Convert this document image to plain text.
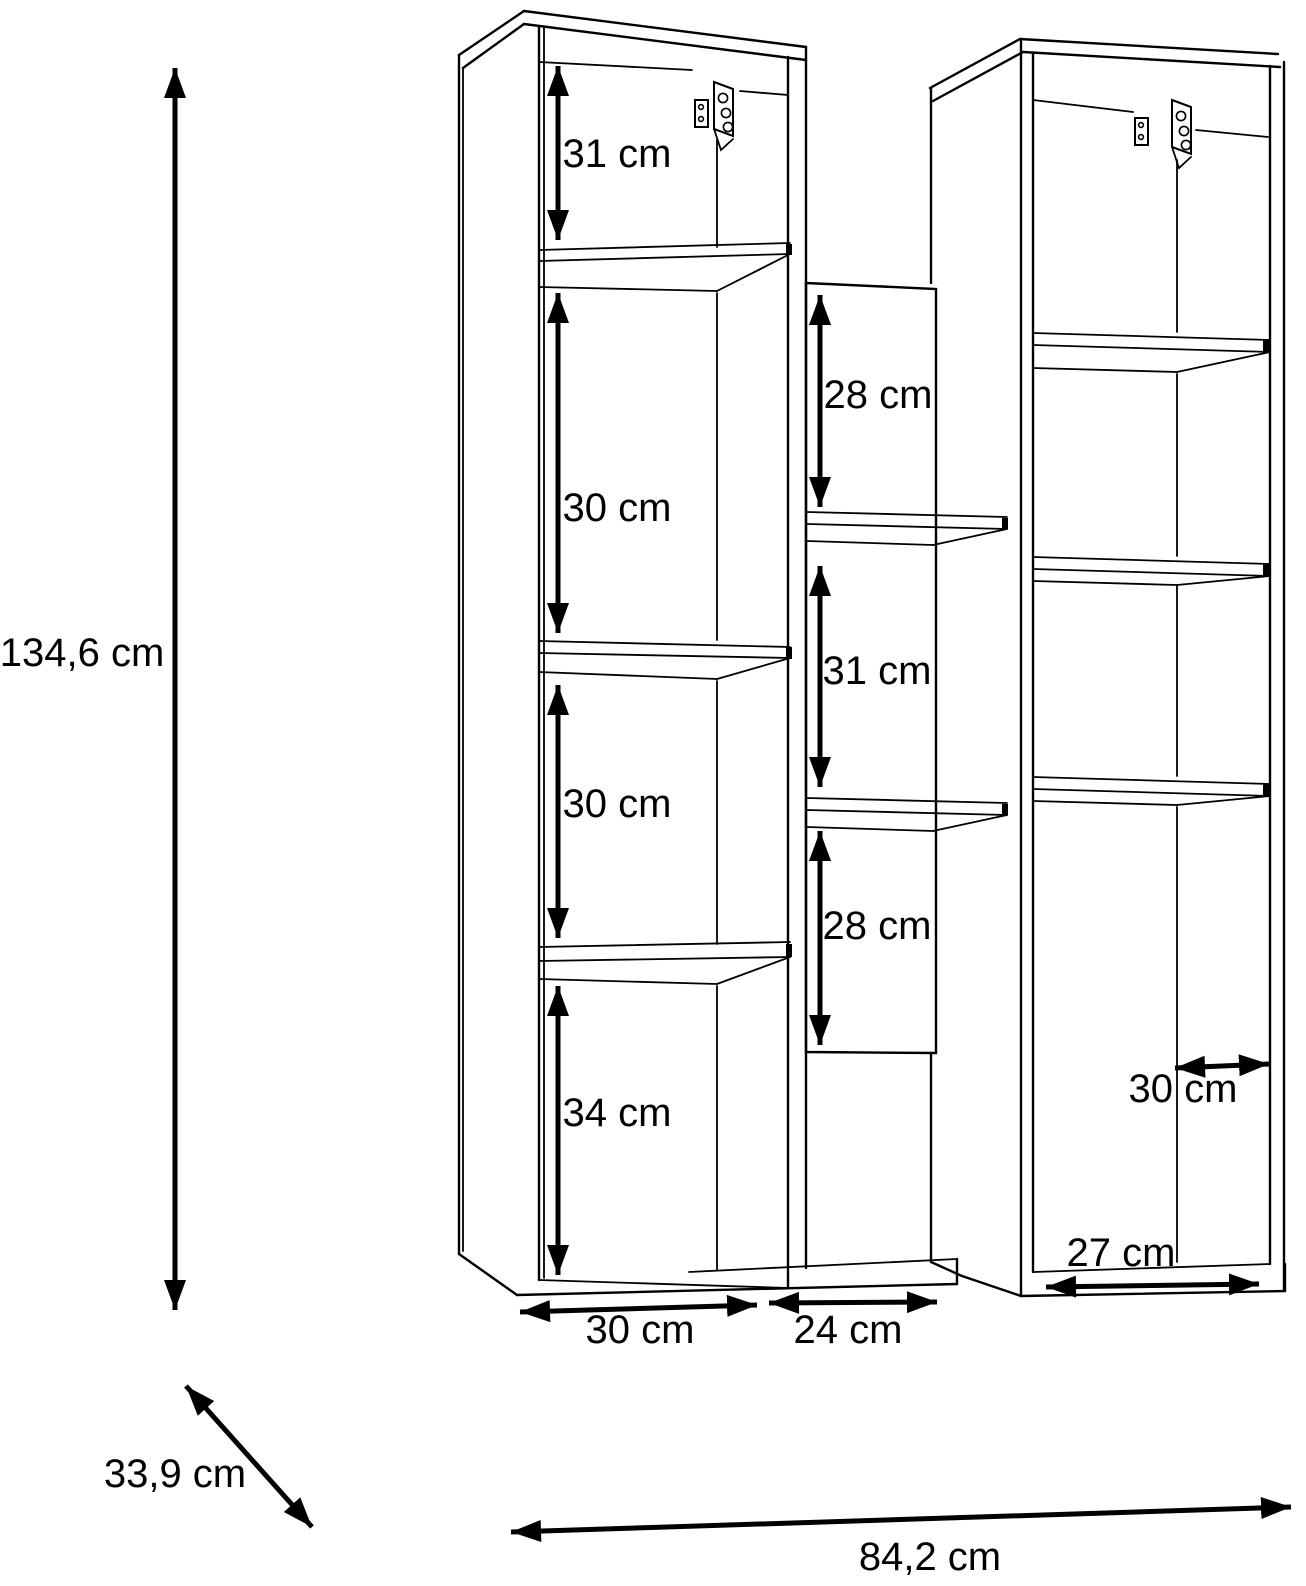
134,6 cm
31 cm
30 cm
30 cm
34 cm
28 cm
31 cm
28 cm
30 cm
27 cm
30 cm 24 cm
33,9 cm
84,2 cm
